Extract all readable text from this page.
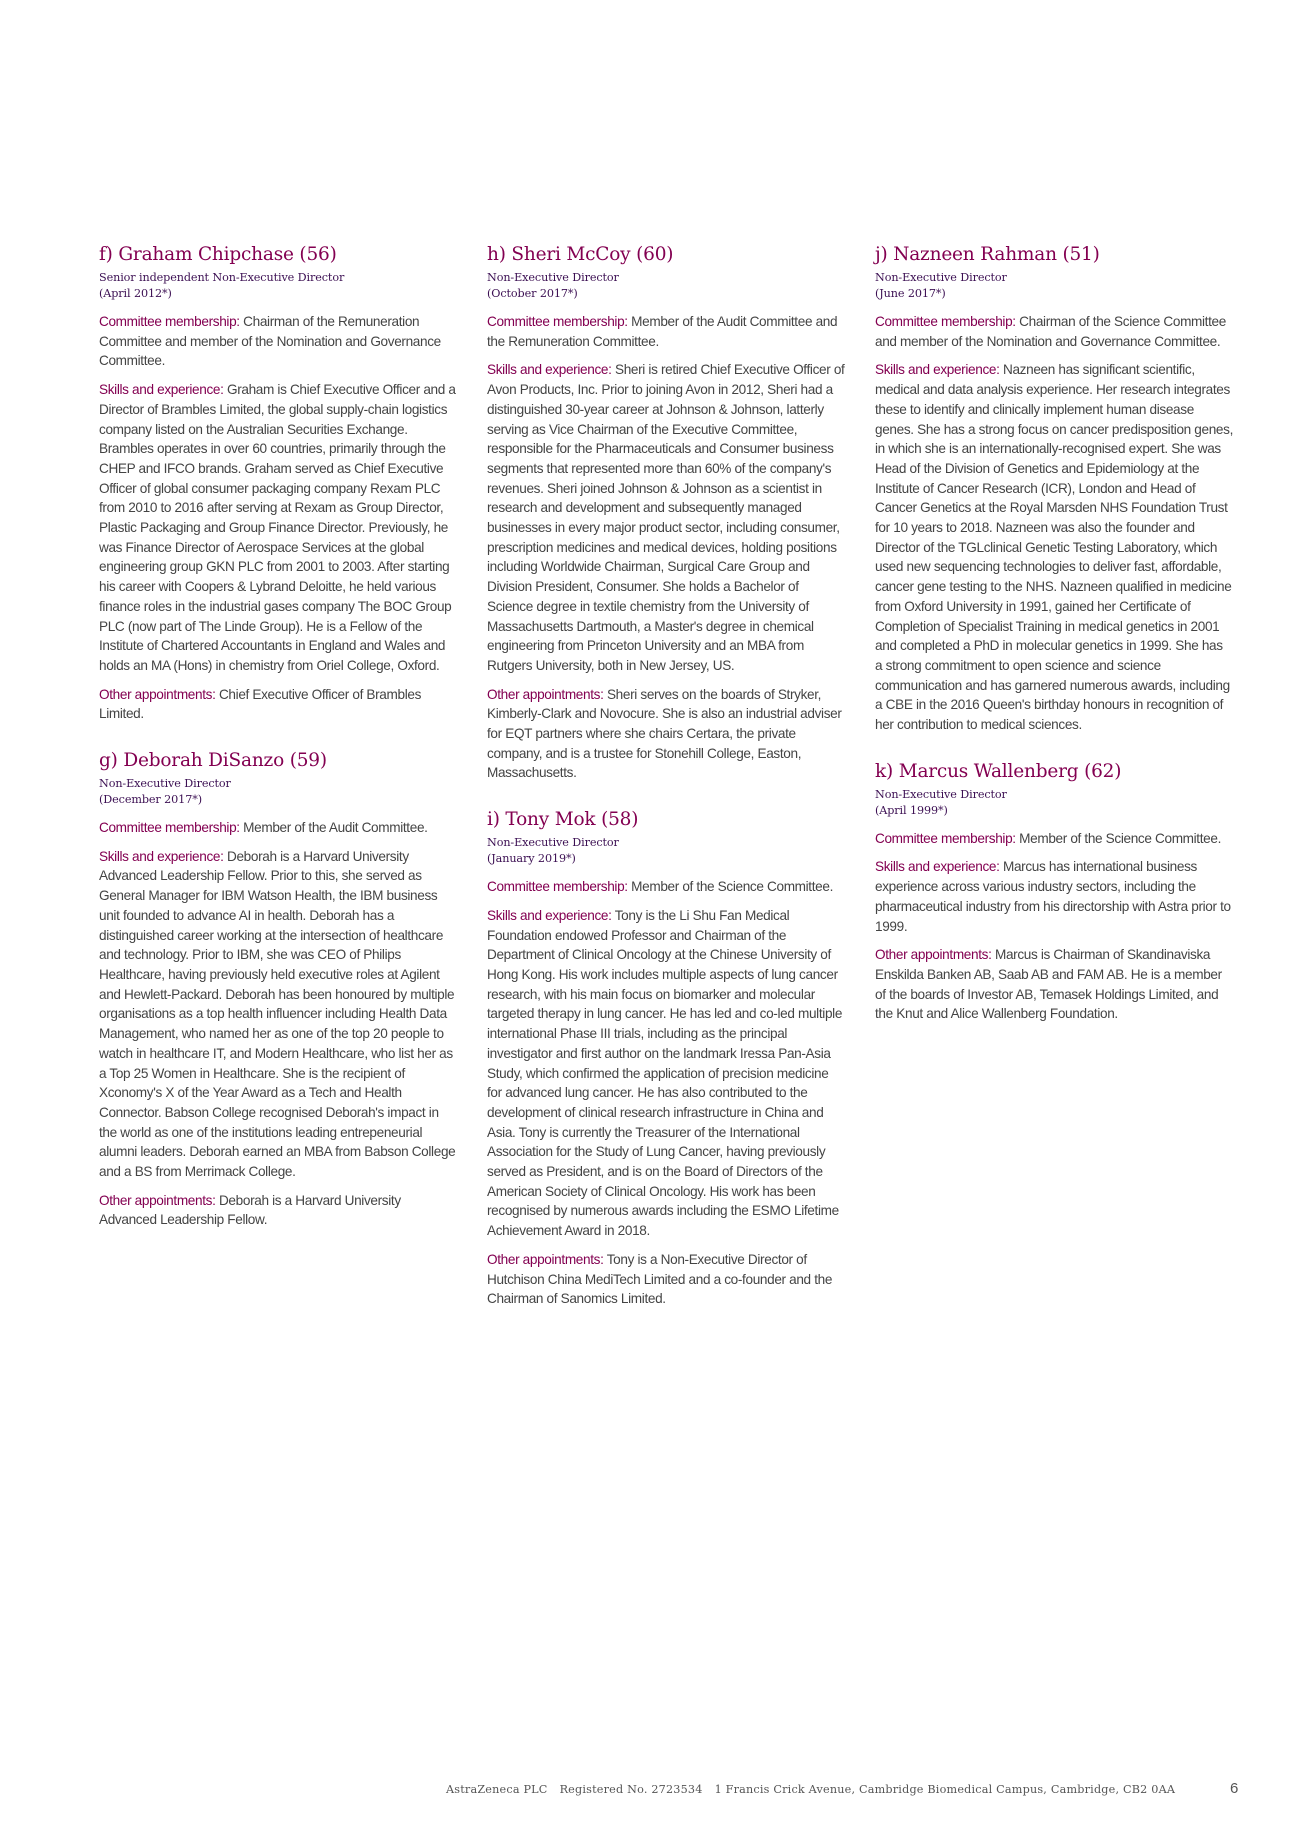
f) Graham Chipchase (56)
Senior independent Non-Executive Director
(April 2012*)

Committee membership: Chairman of the Remuneration Committee and member of the Nomination and Governance Committee.

Skills and experience: Graham is Chief Executive Officer and a Director of Brambles Limited, the global supply-chain logistics company listed on the Australian Securities Exchange. Brambles operates in over 60 countries, primarily through the CHEP and IFCO brands. Graham served as Chief Executive Officer of global consumer packaging company Rexam PLC from 2010 to 2016 after serving at Rexam as Group Director, Plastic Packaging and Group Finance Director. Previously, he was Finance Director of Aerospace Services at the global engineering group GKN PLC from 2001 to 2003. After starting his career with Coopers & Lybrand Deloitte, he held various finance roles in the industrial gases company The BOC Group PLC (now part of The Linde Group). He is a Fellow of the Institute of Chartered Accountants in England and Wales and holds an MA (Hons) in chemistry from Oriel College, Oxford.

Other appointments: Chief Executive Officer of Brambles Limited.

g) Deborah DiSanzo (59)
Non-Executive Director
(December 2017*)

Committee membership: Member of the Audit Committee.

Skills and experience: Deborah is a Harvard University Advanced Leadership Fellow. Prior to this, she served as General Manager for IBM Watson Health, the IBM business unit founded to advance AI in health. Deborah has a distinguished career working at the intersection of healthcare and technology. Prior to IBM, she was CEO of Philips Healthcare, having previously held executive roles at Agilent and Hewlett-Packard. Deborah has been honoured by multiple organisations as a top health influencer including Health Data Management, who named her as one of the top 20 people to watch in healthcare IT, and Modern Healthcare, who list her as a Top 25 Women in Healthcare. She is the recipient of Xconomy's X of the Year Award as a Tech and Health Connector. Babson College recognised Deborah's impact in the world as one of the institutions leading entrepeneurial alumni leaders. Deborah earned an MBA from Babson College and a BS from Merrimack College.

Other appointments: Deborah is a Harvard University Advanced Leadership Fellow.

h) Sheri McCoy (60)
Non-Executive Director
(October 2017*)

Committee membership: Member of the Audit Committee and the Remuneration Committee.

Skills and experience: Sheri is retired Chief Executive Officer of Avon Products, Inc. Prior to joining Avon in 2012, Sheri had a distinguished 30-year career at Johnson & Johnson, latterly serving as Vice Chairman of the Executive Committee, responsible for the Pharmaceuticals and Consumer business segments that represented more than 60% of the company's revenues. Sheri joined Johnson & Johnson as a scientist in research and development and subsequently managed businesses in every major product sector, including consumer, prescription medicines and medical devices, holding positions including Worldwide Chairman, Surgical Care Group and Division President, Consumer. She holds a Bachelor of Science degree in textile chemistry from the University of Massachusetts Dartmouth, a Master's degree in chemical engineering from Princeton University and an MBA from Rutgers University, both in New Jersey, US.

Other appointments: Sheri serves on the boards of Stryker, Kimberly-Clark and Novocure. She is also an industrial adviser for EQT partners where she chairs Certara, the private company, and is a trustee for Stonehill College, Easton, Massachusetts.

i) Tony Mok (58)
Non-Executive Director
(January 2019*)

Committee membership: Member of the Science Committee.

Skills and experience: Tony is the Li Shu Fan Medical Foundation endowed Professor and Chairman of the Department of Clinical Oncology at the Chinese University of Hong Kong. His work includes multiple aspects of lung cancer research, with his main focus on biomarker and molecular targeted therapy in lung cancer. He has led and co-led multiple international Phase III trials, including as the principal investigator and first author on the landmark Iressa Pan-Asia Study, which confirmed the application of precision medicine for advanced lung cancer. He has also contributed to the development of clinical research infrastructure in China and Asia. Tony is currently the Treasurer of the International Association for the Study of Lung Cancer, having previously served as President, and is on the Board of Directors of the American Society of Clinical Oncology. His work has been recognised by numerous awards including the ESMO Lifetime Achievement Award in 2018.

Other appointments: Tony is a Non-Executive Director of Hutchison China MediTech Limited and a co-founder and the Chairman of Sanomics Limited.

j) Nazneen Rahman (51)
Non-Executive Director
(June 2017*)

Committee membership: Chairman of the Science Committee and member of the Nomination and Governance Committee.

Skills and experience: Nazneen has significant scientific, medical and data analysis experience. Her research integrates these to identify and clinically implement human disease genes. She has a strong focus on cancer predisposition genes, in which she is an internationally-recognised expert. She was Head of the Division of Genetics and Epidemiology at the Institute of Cancer Research (ICR), London and Head of Cancer Genetics at the Royal Marsden NHS Foundation Trust for 10 years to 2018. Nazneen was also the founder and Director of the TGLclinical Genetic Testing Laboratory, which used new sequencing technologies to deliver fast, affordable, cancer gene testing to the NHS. Nazneen qualified in medicine from Oxford University in 1991, gained her Certificate of Completion of Specialist Training in medical genetics in 2001 and completed a PhD in molecular genetics in 1999. She has a strong commitment to open science and science communication and has garnered numerous awards, including a CBE in the 2016 Queen's birthday honours in recognition of her contribution to medical sciences.

k) Marcus Wallenberg (62)
Non-Executive Director
(April 1999*)

Committee membership: Member of the Science Committee.

Skills and experience: Marcus has international business experience across various industry sectors, including the pharmaceutical industry from his directorship with Astra prior to 1999.

Other appointments: Marcus is Chairman of Skandinaviska Enskilda Banken AB, Saab AB and FAM AB. He is a member of the boards of Investor AB, Temasek Holdings Limited, and the Knut and Alice Wallenberg Foundation.

AstraZeneca PLC Registered No. 2723534 1 Francis Crick Avenue, Cambridge Biomedical Campus, Cambridge, CB2 0AA	6
